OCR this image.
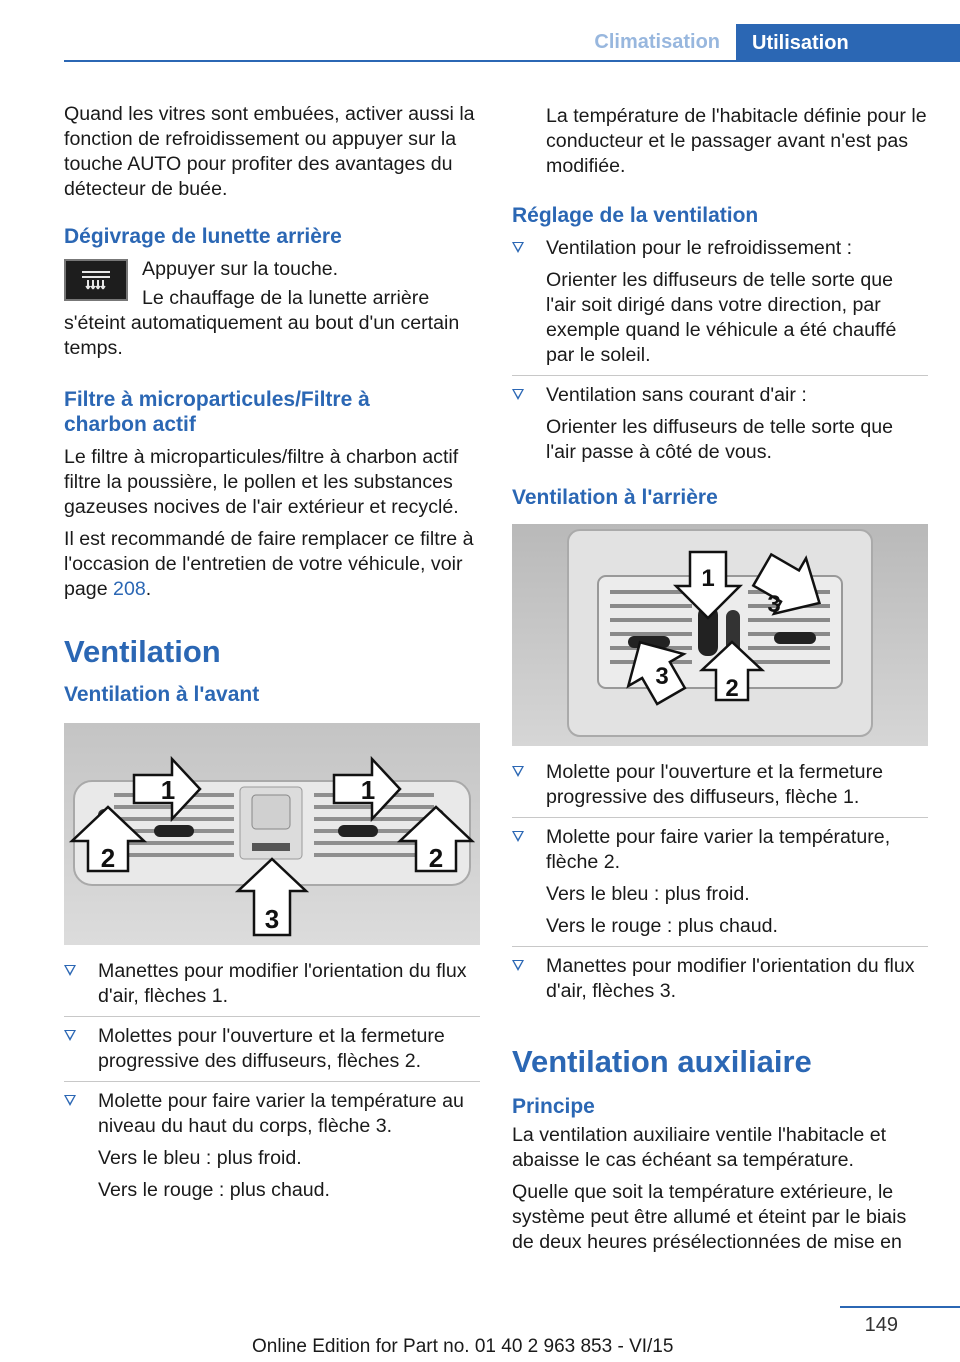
Climatisation	Utilisation

Quand les vitres sont embuées, activer aussi la fonction de refroidissement ou appuyer sur la touche AUTO pour profiter des avantages du détecteur de buée.

Dégivrage de lunette arrière

Appuyer sur la touche.

Le chauffage de la lunette arrière s'éteint automatiquement au bout d'un certain temps.

Filtre à microparticules/Filtre à charbon actif

Le filtre à microparticules/filtre à charbon actif filtre la poussière, le pollen et les substances gazeuses nocives de l'air extérieur et recyclé.

Il est recommandé de faire remplacer ce filtre à l'occasion de l'entretien de votre véhicule, voir page 208.

Ventilation
Ventilation à l'avant
1	1
2	2
3
Manettes pour modifier l'orientation du flux d'air, flèches 1.
Molettes pour l'ouverture et la fermeture progressive des diffuseurs, flèches 2.
Molette pour faire varier la température au niveau du haut du corps, flèche 3.

Vers le bleu : plus froid.

Vers le rouge : plus chaud.

La température de l'habitacle définie pour le conducteur et le passager avant n'est pas modifiée.

Réglage de la ventilation
Ventilation pour le refroidissement :

Orienter les diffuseurs de telle sorte que l'air soit dirigé dans votre direction, par exemple quand le véhicule a été chauffé par le soleil.

Ventilation sans courant d'air :

Orienter les diffuseurs de telle sorte que l'air passe à côté de vous.

Ventilation à l'arrière
1
2
3
3
Molette pour l'ouverture et la fermeture progressive des diffuseurs, flèche 1.
Molette pour faire varier la température, flèche 2.

Vers le bleu : plus froid.

Vers le rouge : plus chaud.

Manettes pour modifier l'orientation du flux d'air, flèches 3.
Ventilation auxiliaire
Principe

La ventilation auxiliaire ventile l'habitacle et abaisse le cas échéant sa température.

Quelle que soit la température extérieure, le système peut être allumé et éteint par le biais de deux heures présélectionnées de mise en

149
Online Edition for Part no. 01 40 2 963 853 - VI/15
